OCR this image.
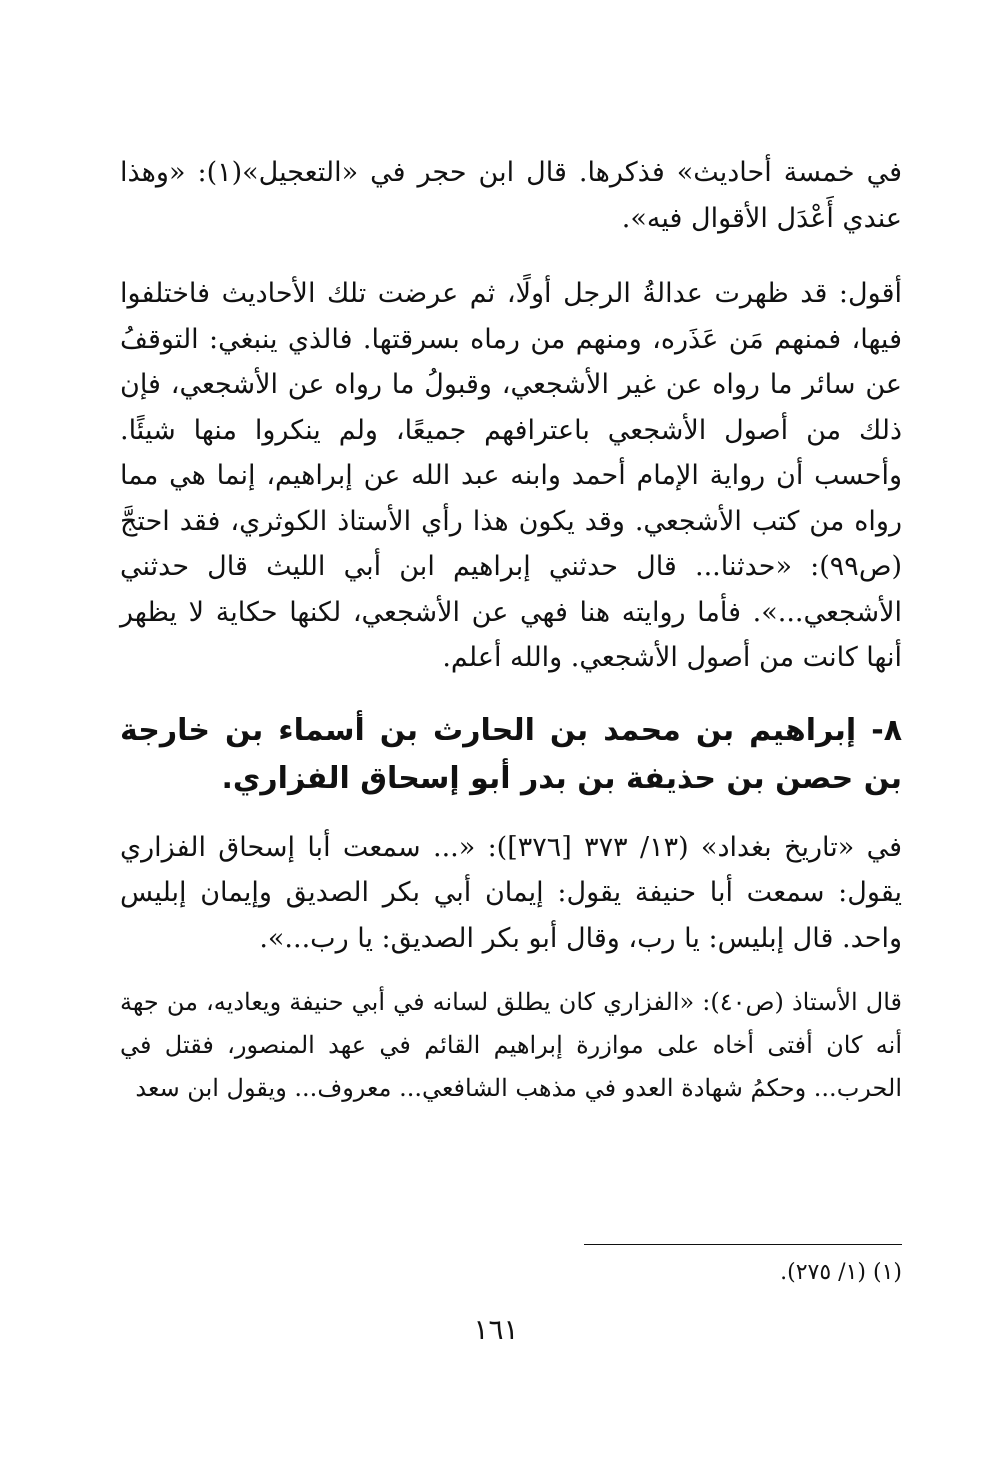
في خمسة أحاديث» فذكرها. قال ابن حجر في «التعجيل»(١): «وهذا عندي أَعْدَل الأقوال فيه».

أقول: قد ظهرت عدالةُ الرجل أولًا، ثم عرضت تلك الأحاديث فاختلفوا فيها، فمنهم مَن عَذَره، ومنهم من رماه بسرقتها. فالذي ينبغي: التوقفُ عن سائر ما رواه عن غير الأشجعي، وقبولُ ما رواه عن الأشجعي، فإن ذلك من أصول الأشجعي باعترافهم جميعًا، ولم ينكروا منها شيئًا. وأحسب أن رواية الإمام أحمد وابنه عبد الله عن إبراهيم، إنما هي مما رواه من كتب الأشجعي. وقد يكون هذا رأي الأستاذ الكوثري، فقد احتجَّ (ص٩٩): «حدثنا... قال حدثني إبراهيم ابن أبي الليث قال حدثني الأشجعي...». فأما روايته هنا فهي عن الأشجعي، لكنها حكاية لا يظهر أنها كانت من أصول الأشجعي. والله أعلم.

٨- إبراهيم بن محمد بن الحارث بن أسماء بن خارجة بن حصن بن حذيفة بن بدر أبو إسحاق الفزاري.

في «تاريخ بغداد» (١٣/ ٣٧٣ [٣٧٦]): «... سمعت أبا إسحاق الفزاري يقول: سمعت أبا حنيفة يقول: إيمان أبي بكر الصديق وإيمان إبليس واحد. قال إبليس: يا رب، وقال أبو بكر الصديق: يا رب...».

قال الأستاذ (ص٤٠): «الفزاري كان يطلق لسانه في أبي حنيفة ويعاديه، من جهة أنه كان أفتى أخاه على موازرة إبراهيم القائم في عهد المنصور، فقتل في الحرب... وحكمُ شهادة العدو في مذهب الشافعي... معروف... ويقول ابن سعد

(١) (١/ ٢٧٥).
١٦١
